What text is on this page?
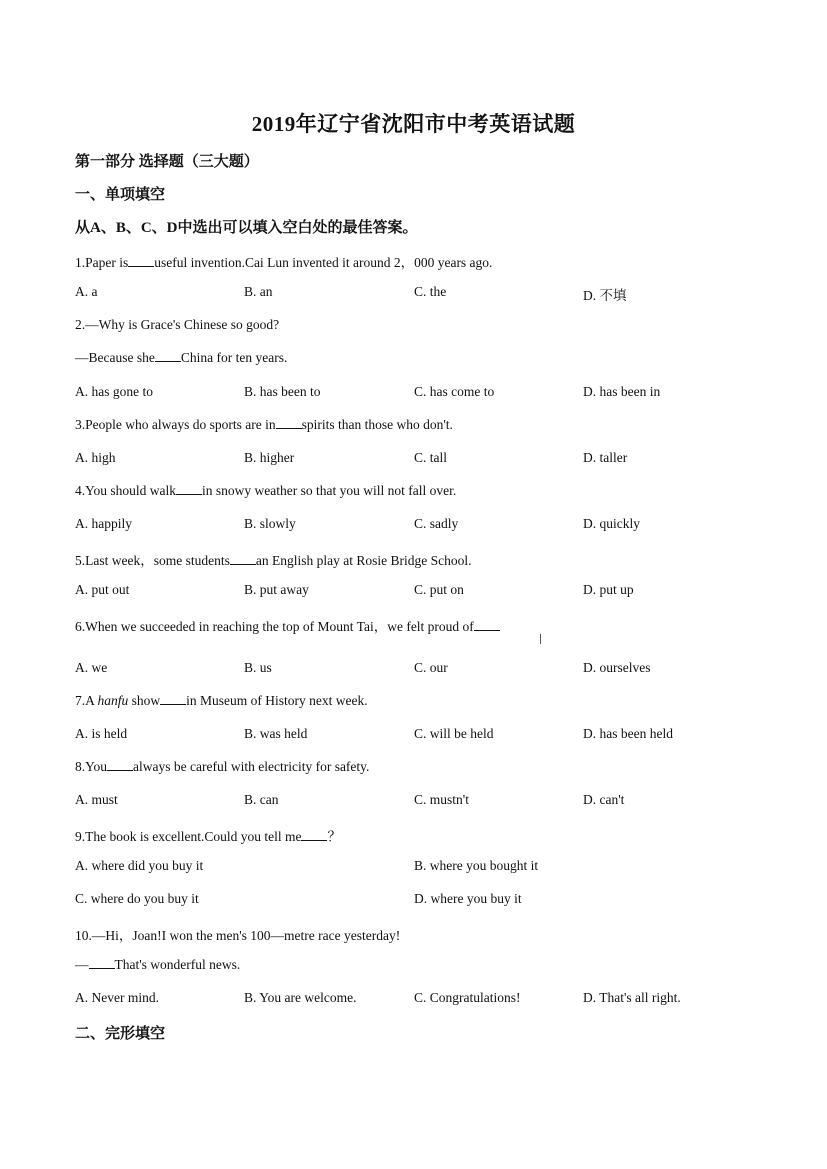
2019年辽宁省沈阳市中考英语试题
第一部分 选择题（三大题）
一、单项填空
从A、B、C、D中选出可以填入空白处的最佳答案。
1.Paper is useful invention.Cai Lun invented it around 2，000 years ago.
A. a	B. an	C. the	D. 不填
2.—Why is Grace's Chinese so good?
—Because she China for ten years.
A. has gone to	B. has been to	C. has come to	D. has been in
3.People who always do sports are in spirits than those who don't.
A. high	B. higher	C. tall	D. taller
4.You should walk in snowy weather so that you will not fall over.
A. happily	B. slowly	C. sadly	D. quickly
5.Last week，some students an English play at Rosie Bridge School.
A. put out	B. put away	C. put on	D. put up
6.When we succeeded in reaching the top of Mount Tai，we felt proud of
A. we	B. us	C. our	D. ourselves
7.A hanfu show in Museum of History next week.
A. is held	B. was held	C. will be held	D. has been held
8.You always be careful with electricity for safety.
A. must	B. can	C. mustn't	D. can't
9.The book is excellent.Could you tell me ？
A. where did you buy it	B. where you bought it
C. where do you buy it	D. where you buy it
10.—Hi，Joan!I won the men's 100—metre race yesterday!
— That's wonderful news.
A. Never mind.	B. You are welcome.	C. Congratulations!	D. That's all right.
二、完形填空
